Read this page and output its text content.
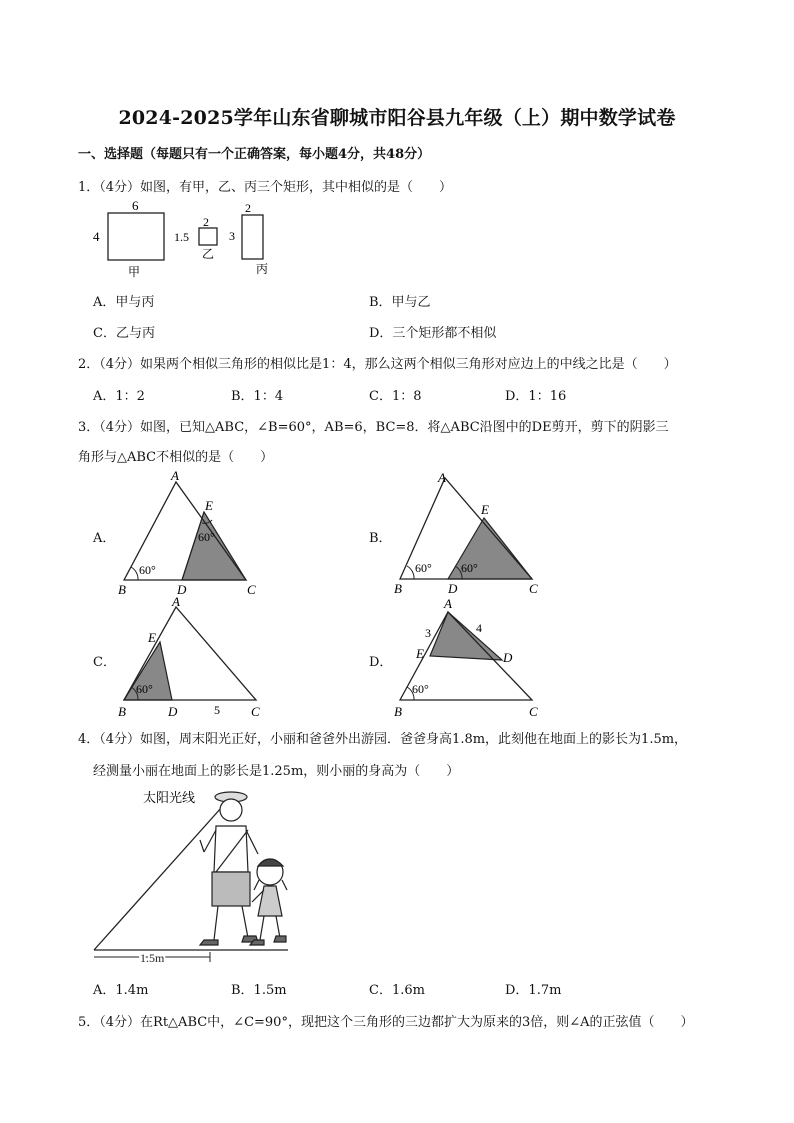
2024-2025学年山东省聊城市阳谷县九年级（上）期中数学试卷
一、选择题（每题只有一个正确答案，每小题4分，共48分）
1．（4分）如图，有甲，乙、丙三个矩形，其中相似的是（　　）
6
4
甲
2
1.5
乙
2
3
丙
A．甲与丙	B．甲与乙
C．乙与丙	D．三个矩形都不相似
2．（4分）如果两个相似三角形的相似比是1：4，那么这两个相似三角形对应边上的中线之比是（　　）
A．1：2	B．1：4	C．1：8	D．1：16
3．（4分）如图，已知△ABC，∠B=60°，AB=6，BC=8．将△ABC沿图中的DE剪开，剪下的阴影三
角形与△ABC不相似的是（　　）
A．
A
E
B	D	C
60°
60°	B．
A
E
B	D	C
60° 60°
C．
A
E
B	D	C
5
60°
D．
A
3	4
E	D
B	C
60°
4．（4分）如图，周末阳光正好，小丽和爸爸外出游园．爸爸身高1.8m，此刻他在地面上的影长为1.5m，
经测量小丽在地面上的影长是1.25m，则小丽的身高为（　　）
太阳光线
1.5m
A．1.4m	B．1.5m	C．1.6m	D．1.7m
5．（4分）在Rt△ABC中，∠C=90°，现把这个三角形的三边都扩大为原来的3倍，则∠A的正弦值（　　）
